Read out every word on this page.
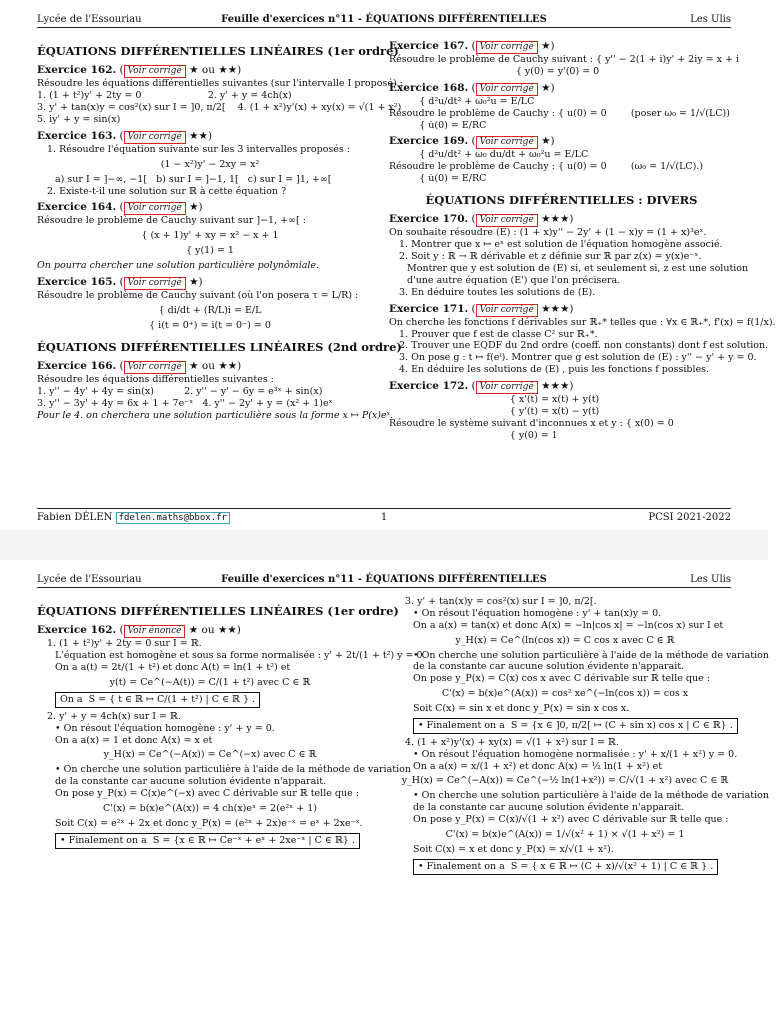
Lycée de l'Essouriau	Feuille d'exercices n°11 - ÉQUATIONS DIFFÉRENTIELLES	Les Ulis
ÉQUATIONS DIFFÉRENTIELLES LINÉAIRES (1er ordre)
Exercice 162. ( Voir corrigé ★ ou ★★)
Résoudre les équations différentielles suivantes (sur l'intervalle I proposé) :
1. (1 + t²)y' + 2ty = 0                      2. y' + y = 4ch(x)
3. y' + tan(x)y = cos²(x) sur I = ]0, π/2[    4. (1 + x²)y'(x) + xy(x) = √(1 + x²)
5. iy' + y = sin(x)
Exercice 163. ( Voir corrigé ★★)
1. Résoudre l'équation suivante sur les 3 intervalles proposés :
(1 − x²)y' − 2xy = x²
a) sur I = ]−∞, −1[   b) sur I = ]−1, 1[   c) sur I = ]1, +∞[
2. Existe-t-il une solution sur ℝ à cette équation ?
Exercice 164. ( Voir corrigé ★)
Résoudre le problème de Cauchy suivant sur ]−1, +∞[ :
{ (x + 1)y' + xy = x² − x + 1
{ y(1) = 1
On pourra chercher une solution particulière polynômiale.
Exercice 165. ( Voir corrigé ★)
Résoudre le problème de Cauchy suivant (où l'on posera τ = L/R) :
{ di/dt + (R/L)i = E/L
{ i(t = 0⁺) = i(t = 0⁻) = 0
ÉQUATIONS DIFFÉRENTIELLES LINÉAIRES (2nd ordre)
Exercice 166. ( Voir corrigé ★ ou ★★)
Résoudre les équations différentielles suivantes :
1. y'' − 4y' + 4y = sin(x)          2. y'' − y' − 6y = e³ˣ + sin(x)
3. y'' − 3y' + 4y = 6x + 1 + 7e⁻ˣ   4. y'' − 2y' + y = (x² + 1)eˣ
Pour le 4. on cherchera une solution particulière sous la forme x ↦ P(x)eˣ.
Exercice 167. ( Voir corrigé ★)
Résoudre le problème de Cauchy suivant : { y'' − 2(1 + i)y' + 2iy = x + i
{ y(0) = y'(0) = 0
Exercice 168. ( Voir corrigé ★)
{ d²u/dt² + ω₀²u = E/LC
Résoudre le problème de Cauchy : { u(0) = 0        (poser ω₀ = 1/√(LC))
{ u̇(0) = E/RC
Exercice 169. ( Voir corrigé ★)
{ d²u/dt² + ω₀ du/dt + ω₀²u = E/LC
Résoudre le problème de Cauchy : { u(0) = 0        (ω₀ = 1/√(LC).)
{ u̇(0) = E/RC
ÉQUATIONS DIFFÉRENTIELLES : DIVERS
Exercice 170. ( Voir corrigé ★★★)
On souhaite résoudre (E) : (1 + x)y'' − 2y' + (1 − x)y = (1 + x)³eˣ.
1. Montrer que x ↦ eˣ est solution de l'équation homogène associé.
2. Soit y : ℝ → ℝ dérivable et z définie sur ℝ par z(x) = y(x)e⁻ˣ.
Montrer que y est solution de (E) si, et seulement si, z est une solution
d'une autre équation (E') que l'on précisera.
3. En déduire toutes les solutions de (E).
Exercice 171. ( Voir corrigé ★★★)
On cherche les fonctions f dérivables sur ℝ₊* telles que : ∀x ∈ ℝ₊*, f'(x) = f(1/x).
1. Prouver que f est de classe C² sur ℝ₊*.
2. Trouver une EQDF du 2nd ordre (coeff. non constants) dont f est solution.
3. On pose g : t ↦ f(eᵗ). Montrer que g est solution de (E) : y'' − y' + y = 0.
4. En déduire les solutions de (E) , puis les fonctions f possibles.
Exercice 172. ( Voir corrigé ★★★)
{ x'(t) = x(t) + y(t)
{ y'(t) = x(t) − y(t)
Résoudre le système suivant d'inconnues x et y : { x(0) = 0
{ y(0) = 1
Fabien DÉLEN fdelen.maths@bbox.fr	1	PCSI 2021-2022
Lycée de l'Essouriau	Feuille d'exercices n°11 - ÉQUATIONS DIFFÉRENTIELLES	Les Ulis
ÉQUATIONS DIFFÉRENTIELLES LINÉAIRES (1er ordre)
Exercice 162. ( Voir énoncé ★ ou ★★)
1. (1 + t²)y' + 2ty = 0 sur I = ℝ.
L'équation est homogène et sous sa forme normalisée : y' + 2t/(1 + t²) y = 0.
On a a(t) = 2t/(1 + t²) et donc A(t) = ln(1 + t²) et
y(t) = Ce^(−A(t)) = C/(1 + t²) avec C ∈ ℝ
On a  S = { t ∈ ℝ ↦ C/(1 + t²) | C ∈ ℝ } .
2. y' + y = 4ch(x) sur I = ℝ.
• On résout l'équation homogène : y' + y = 0.
On a a(x) = 1 et donc A(x) = x et
y_H(x) = Ce^(−A(x)) = Ce^(−x) avec C ∈ ℝ
• On cherche une solution particulière à l'aide de la méthode de variation
de la constante car aucune solution évidente n'apparait.
On pose y_P(x) = C(x)e^(−x) avec C dérivable sur ℝ telle que :
C'(x) = b(x)e^(A(x)) = 4 ch(x)eˣ = 2(e²ˣ + 1)
Soit C(x) = e²ˣ + 2x et donc y_P(x) = (e²ˣ + 2x)e⁻ˣ = eˣ + 2xe⁻ˣ.
• Finalement on a  S = {x ∈ ℝ ↦ Ce⁻ˣ + eˣ + 2xe⁻ˣ | C ∈ ℝ} .
3. y' + tan(x)y = cos²(x) sur I = ]0, π/2[.
• On résout l'équation homogène : y' + tan(x)y = 0.
On a a(x) = tan(x) et donc A(x) = −ln|cos x| = −ln(cos x) sur I et
y_H(x) = Ce^(ln(cos x)) = C cos x avec C ∈ ℝ
• On cherche une solution particulière à l'aide de la méthode de variation
de la constante car aucune solution évidente n'apparait.
On pose y_P(x) = C(x) cos x avec C dérivable sur ℝ telle que :
C'(x) = b(x)e^(A(x)) = cos² xe^(−ln(cos x)) = cos x
Soit C(x) = sin x et donc y_P(x) = sin x cos x.
• Finalement on a  S = {x ∈ ]0, π/2[ ↦ (C + sin x) cos x | C ∈ ℝ} .
4. (1 + x²)y'(x) + xy(x) = √(1 + x²) sur I = ℝ.
• On résout l'équation homogène normalisée : y' + x/(1 + x²) y = 0.
On a a(x) = x/(1 + x²) et donc A(x) = ½ ln(1 + x²) et
y_H(x) = Ce^(−A(x)) = Ce^(−½ ln(1+x²)) = C/√(1 + x²) avec C ∈ ℝ
• On cherche une solution particulière à l'aide de la méthode de variation
de la constante car aucune solution évidente n'apparait.
On pose y_P(x) = C(x)/√(1 + x²) avec C dérivable sur ℝ telle que :
C'(x) = b(x)e^(A(x)) = 1/√(x² + 1) × √(1 + x²) = 1
Soit C(x) = x et donc y_P(x) = x/√(1 + x²).
• Finalement on a  S = { x ∈ ℝ ↦ (C + x)/√(x² + 1) | C ∈ ℝ } .
